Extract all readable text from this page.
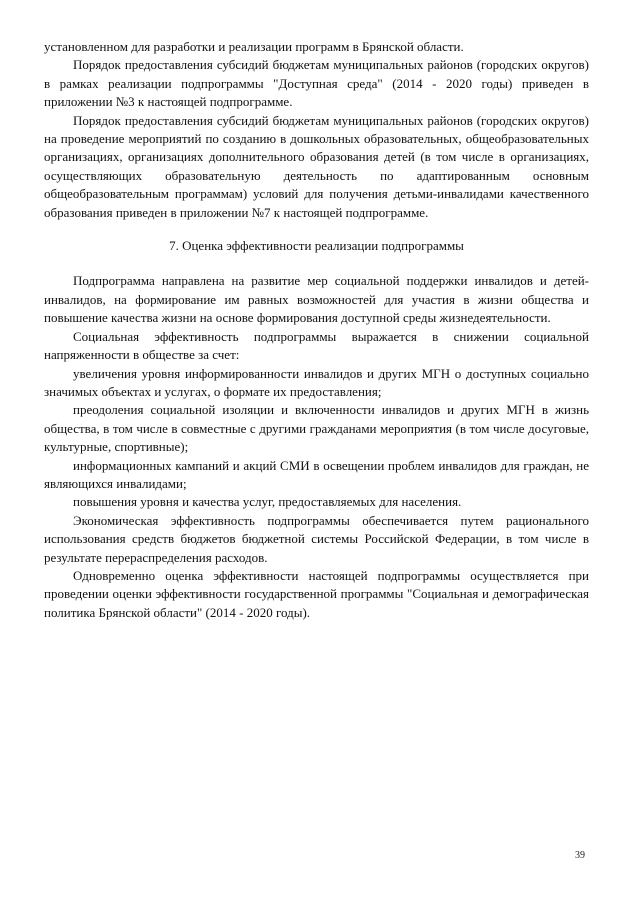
установленном для разработки и реализации программ в Брянской области.

Порядок предоставления субсидий бюджетам муниципальных районов (городских округов) в рамках реализации подпрограммы "Доступная среда" (2014 - 2020 годы) приведен в приложении №3 к настоящей подпрограмме.

Порядок предоставления субсидий бюджетам муниципальных районов (городских округов) на проведение мероприятий по созданию в дошкольных образовательных, общеобразовательных организациях, организациях дополнительного образования детей (в том числе в организациях, осуществляющих образовательную деятельность по адаптированным основным общеобразовательным программам) условий для получения детьми-инвалидами качественного образования приведен в приложении №7 к настоящей подпрограмме.

7. Оценка эффективности реализации подпрограммы

Подпрограмма направлена на развитие мер социальной поддержки инвалидов и детей-инвалидов, на формирование им равных возможностей для участия в жизни общества и повышение качества жизни на основе формирования доступной среды жизнедеятельности.

Социальная эффективность подпрограммы выражается в снижении социальной напряженности в обществе за счет:

увеличения уровня информированности инвалидов и других МГН о доступных социально значимых объектах и услугах, о формате их предоставления;

преодоления социальной изоляции и включенности инвалидов и других МГН в жизнь общества, в том числе в совместные с другими гражданами мероприятия (в том числе досуговые, культурные, спортивные);

информационных кампаний и акций СМИ в освещении проблем инвалидов для граждан, не являющихся инвалидами;

повышения уровня и качества услуг, предоставляемых для населения.

Экономическая эффективность подпрограммы обеспечивается путем рационального использования средств бюджетов бюджетной системы Российской Федерации, в том числе в результате перераспределения расходов.

Одновременно оценка эффективности настоящей подпрограммы осуществляется при проведении оценки эффективности государственной программы "Социальная и демографическая политика Брянской области" (2014 - 2020 годы).

39
